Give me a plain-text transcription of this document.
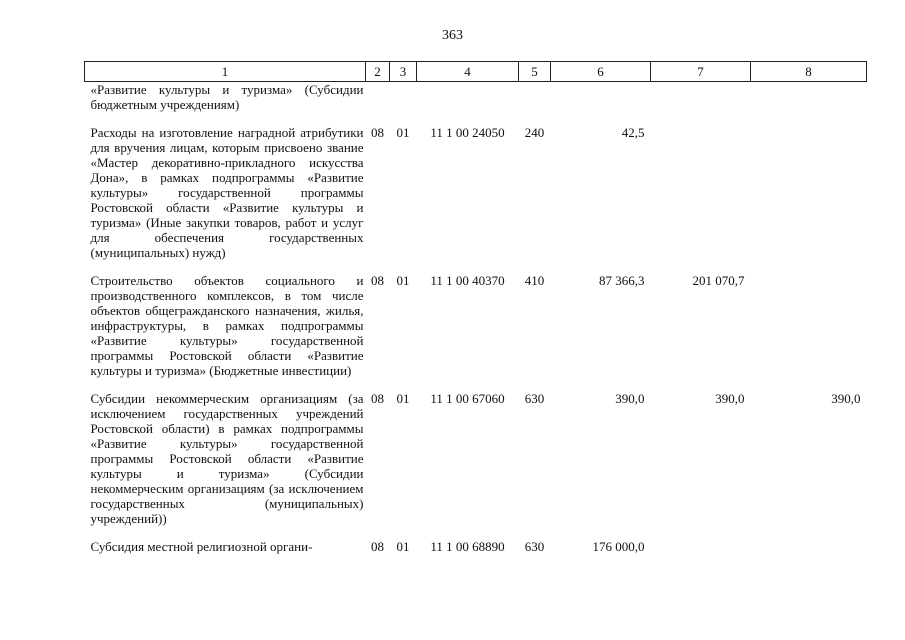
363
1	2	3	4	5	6	7	8
«Развитие культуры и туризма» (Субсидии бюджетным учреждениям)							

Расходы на изготовление наградной атрибутики для вручения лицам, которым присвоено звание «Мастер декоративно-прикладного искусства Дона», в рамках подпрограммы «Развитие культуры» государственной программы Ростовской области «Развитие культуры и туризма» (Иные закупки товаров, работ и услуг для обеспечения государственных (муниципальных) нужд)	08	01	11 1 00 24050	240	42,5		

Строительство объектов социального и производственного комплексов, в том числе объектов общегражданского назначения, жилья, инфраструктуры, в рамках подпрограммы «Развитие культуры» государственной программы Ростовской области «Развитие культуры и туризма» (Бюджетные инвестиции)	08	01	11 1 00 40370	410	87 366,3	201 070,7	

Субсидии некоммерческим организациям (за исключением государственных учреждений Ростовской области) в рамках подпрограммы «Развитие культуры» государственной программы Ростовской области «Развитие культуры и туризма» (Субсидии некоммерческим организациям (за исключением государственных (муниципальных) учреждений))	08	01	11 1 00 67060	630	390,0	390,0	390,0

Субсидия местной религиозной органи-	08	01	11 1 00 68890	630	176 000,0		
